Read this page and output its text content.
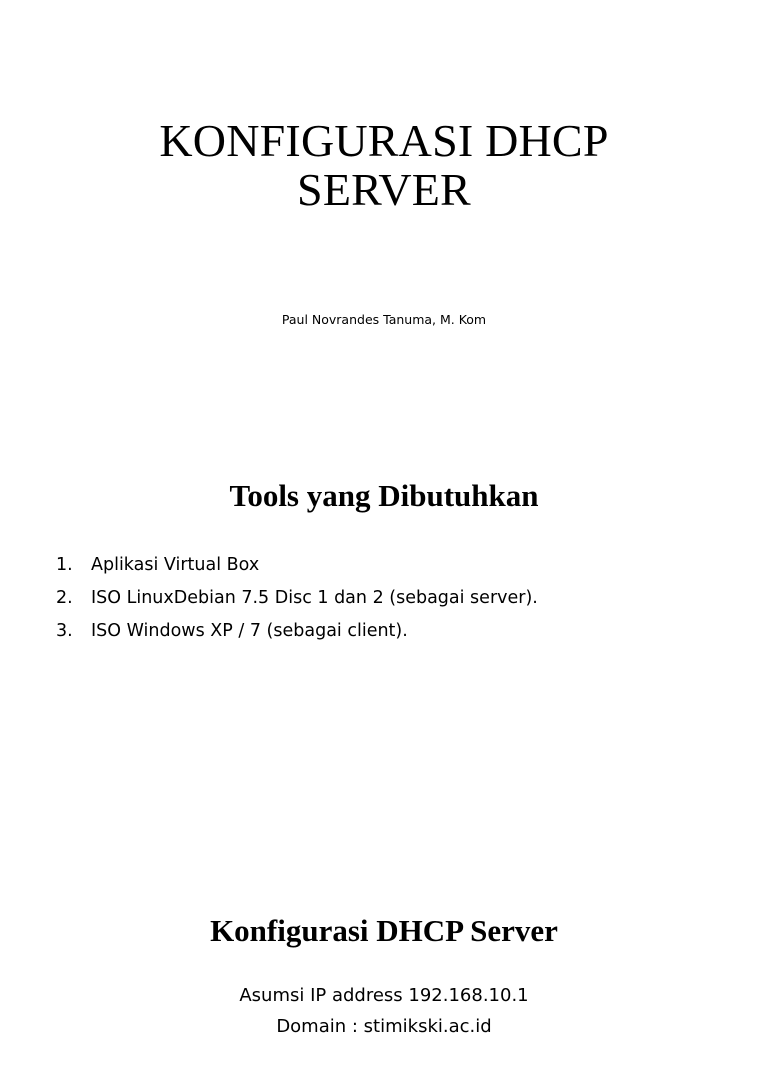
KONFIGURASI DHCP
SERVER

Paul Novrandes Tanuma, M. Kom

Tools yang Dibutuhkan
1.	Aplikasi Virtual Box
2.	ISO LinuxDebian 7.5 Disc 1 dan 2 (sebagai server).
3.	ISO Windows XP / 7 (sebagai client).
Konfigurasi DHCP Server
Asumsi IP address 192.168.10.1
Domain : stimikski.ac.id
